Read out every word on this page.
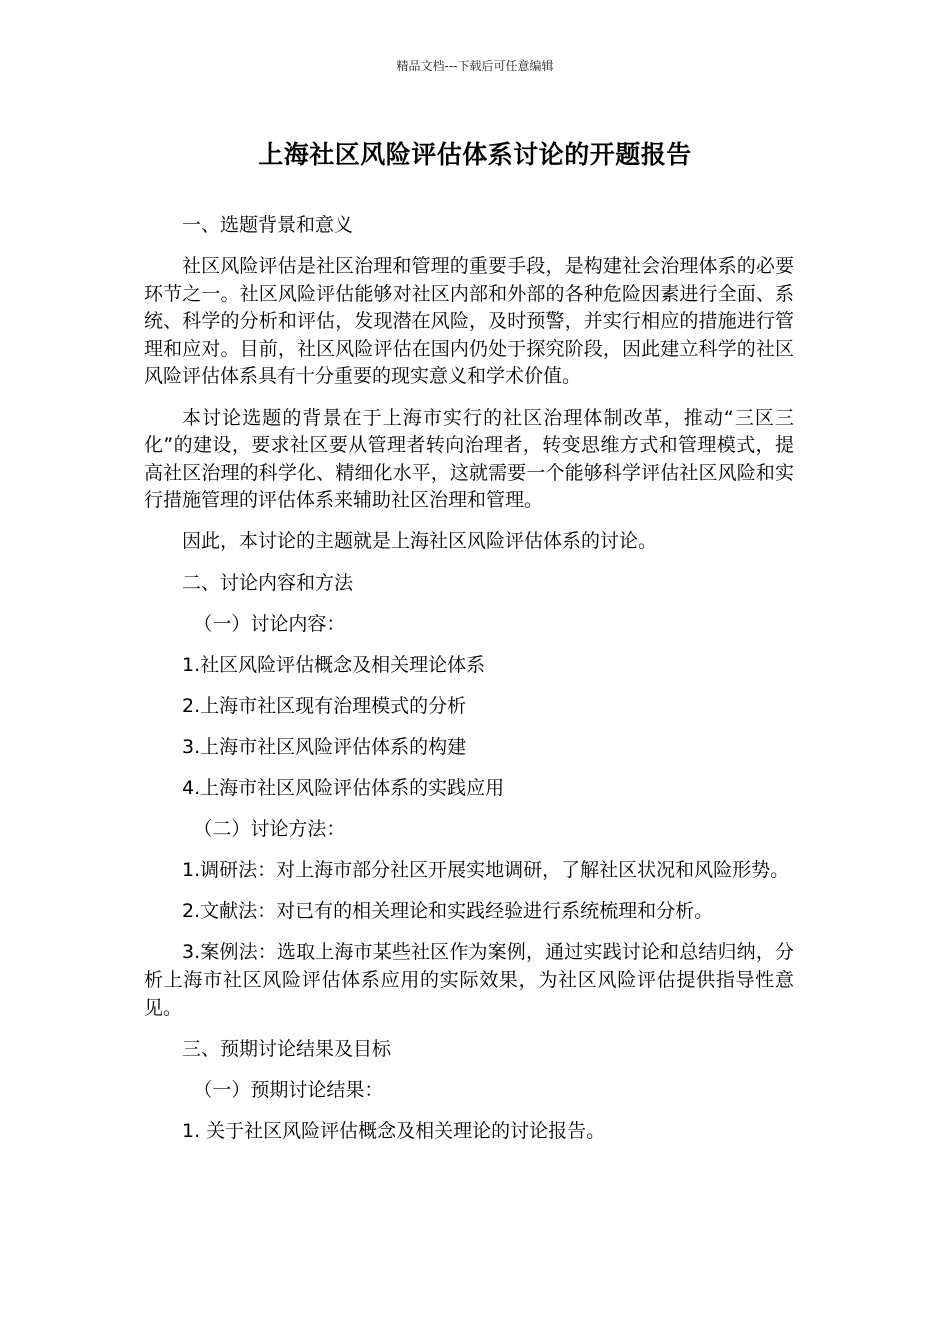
精品文档---下载后可任意编辑
上海社区风险评估体系讨论的开题报告

一、选题背景和意义

社区风险评估是社区治理和管理的重要手段，是构建社会治理体系的必要环节之一。社区风险评估能够对社区内部和外部的各种危险因素进行全面、系统、科学的分析和评估，发现潜在风险，及时预警，并实行相应的措施进行管理和应对。目前，社区风险评估在国内仍处于探究阶段，因此建立科学的社区风险评估体系具有十分重要的现实意义和学术价值。

本讨论选题的背景在于上海市实行的社区治理体制改革，推动“三区三化”的建设，要求社区要从管理者转向治理者，转变思维方式和管理模式，提高社区治理的科学化、精细化水平，这就需要一个能够科学评估社区风险和实行措施管理的评估体系来辅助社区治理和管理。

因此，本讨论的主题就是上海社区风险评估体系的讨论。

二、讨论内容和方法

（一）讨论内容：

1.社区风险评估概念及相关理论体系

2.上海市社区现有治理模式的分析

3.上海市社区风险评估体系的构建

4.上海市社区风险评估体系的实践应用

（二）讨论方法：

1.调研法：对上海市部分社区开展实地调研，了解社区状况和风险形势。

2.文献法：对已有的相关理论和实践经验进行系统梳理和分析。

3.案例法：选取上海市某些社区作为案例，通过实践讨论和总结归纳，分析上海市社区风险评估体系应用的实际效果，为社区风险评估提供指导性意见。

三、预期讨论结果及目标

（一）预期讨论结果：

1. 关于社区风险评估概念及相关理论的讨论报告。
